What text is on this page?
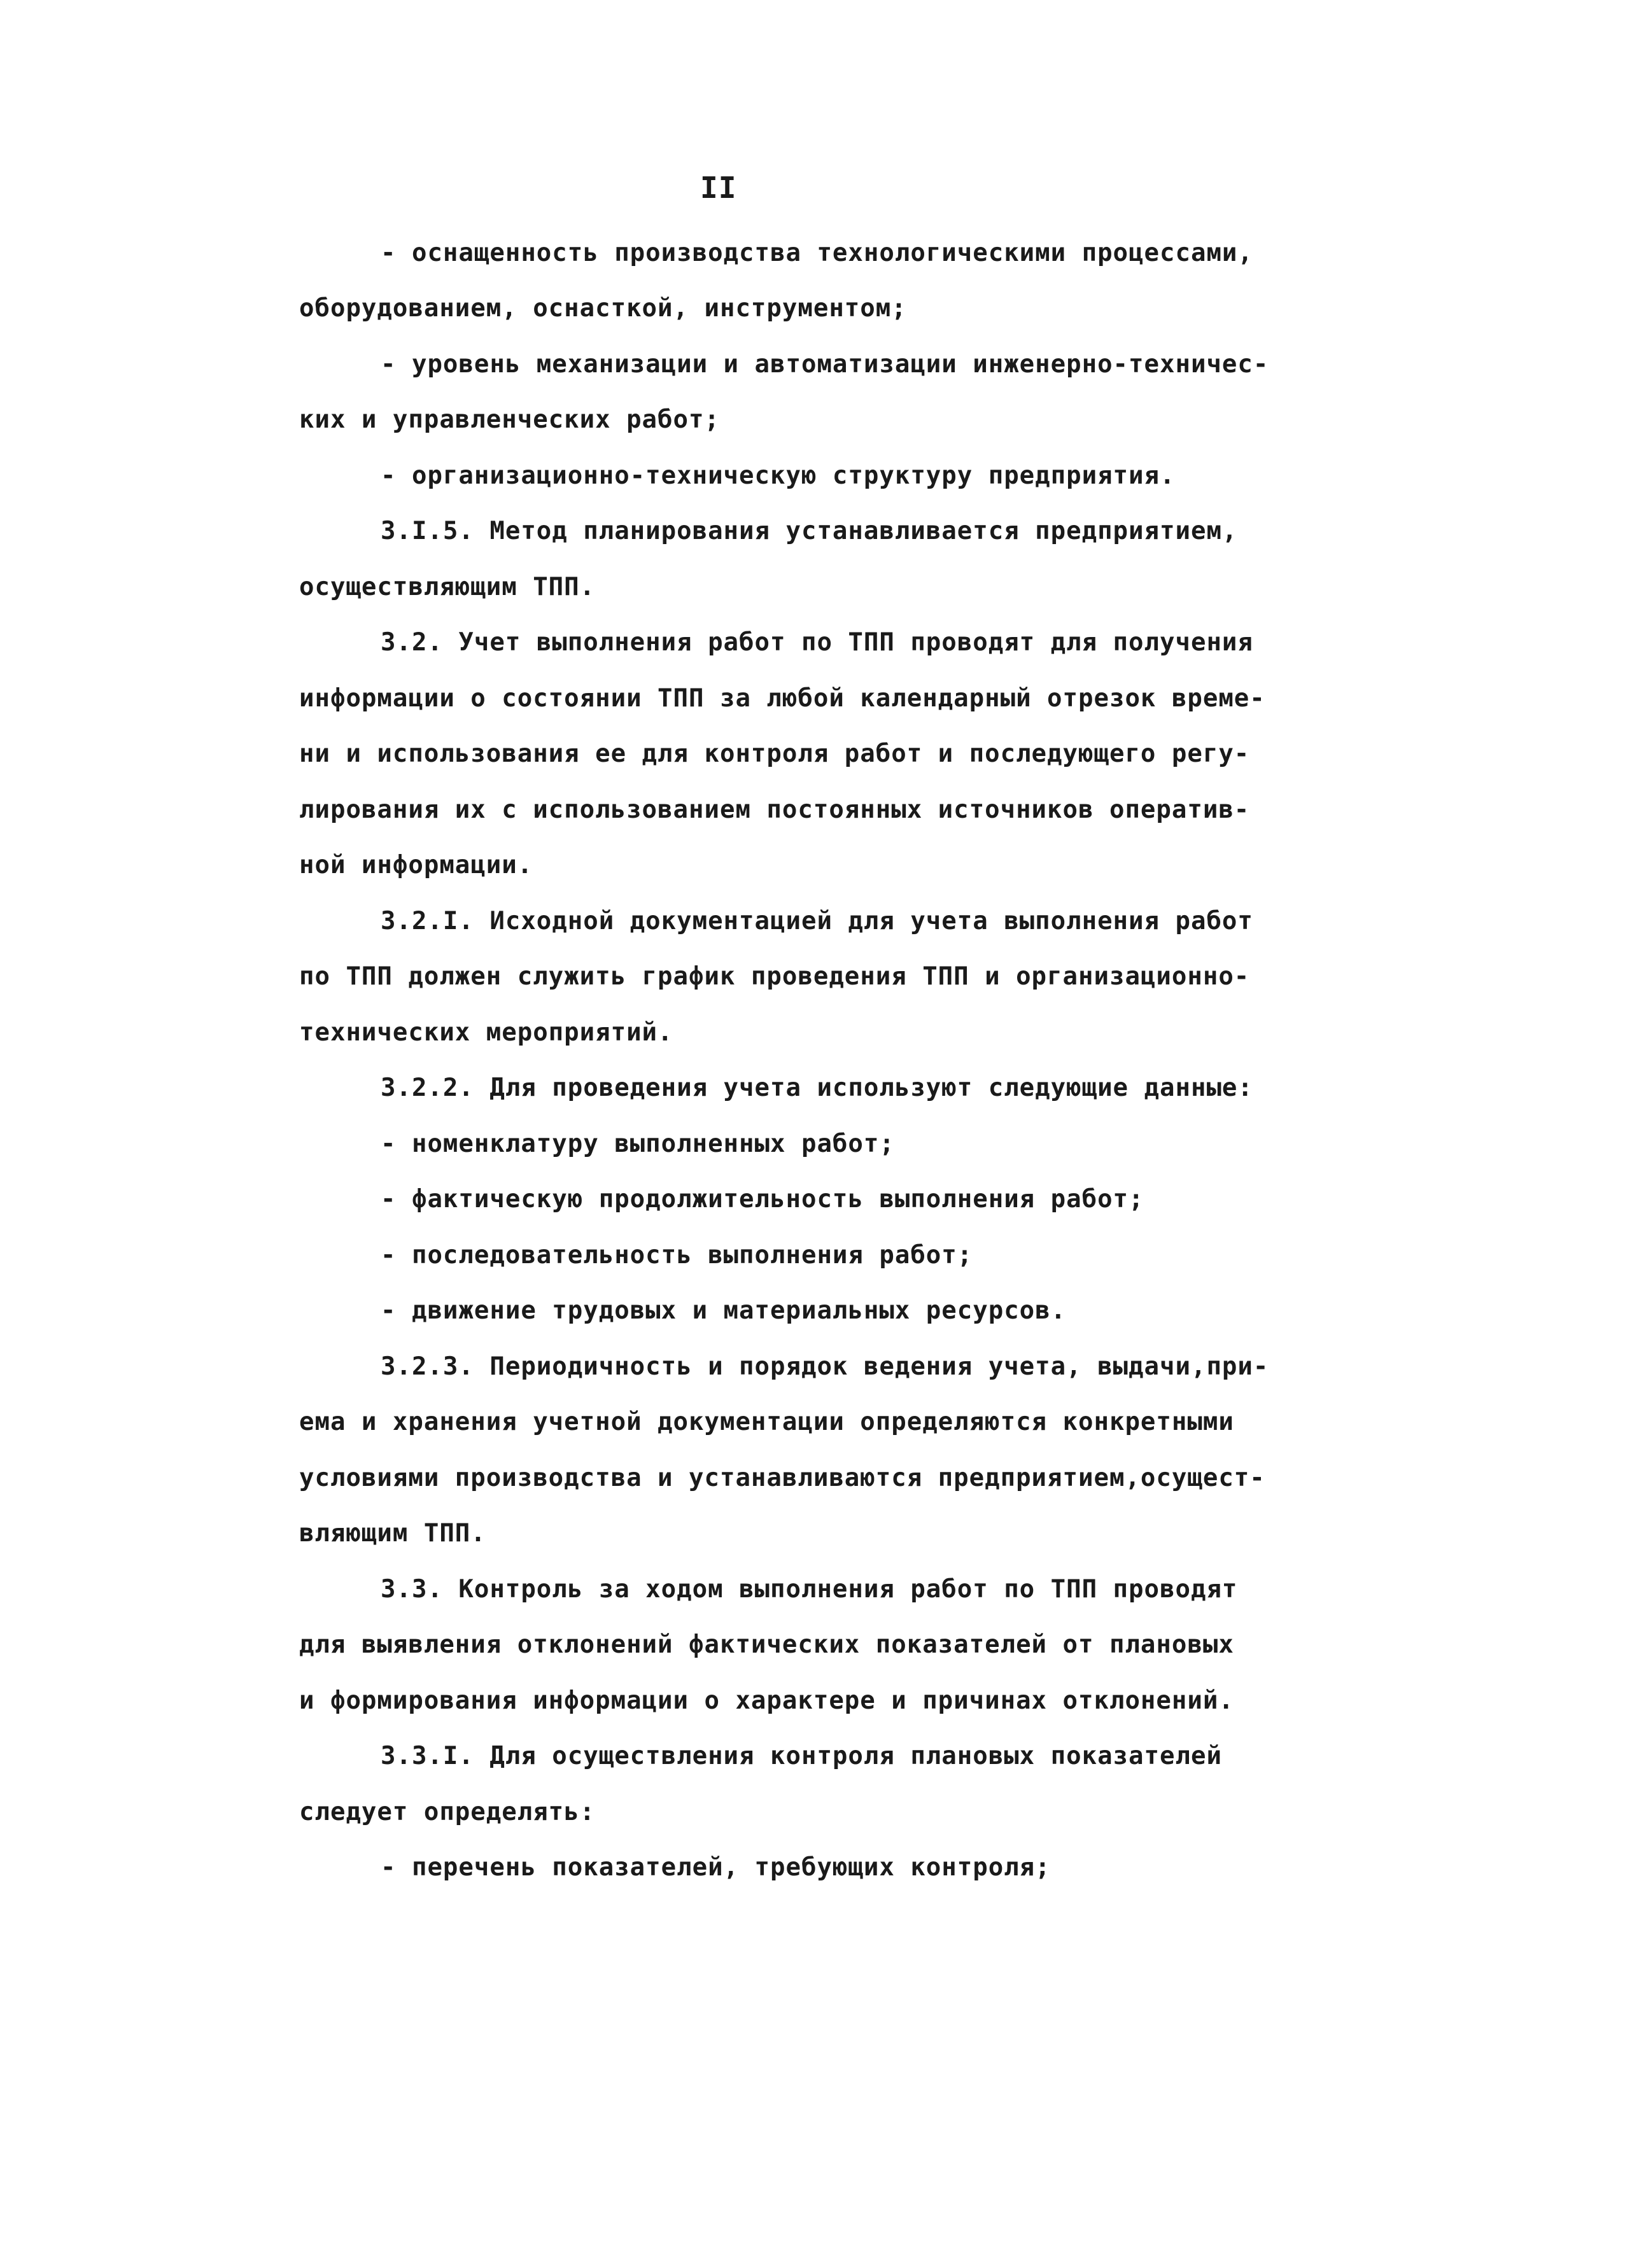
II
- оснащенность производства технологическими процессами,
оборудованием, оснасткой, инструментом;
- уровень механизации и автоматизации инженерно-техничес-
ких и управленческих работ;
- организационно-техническую структуру предприятия.
3.I.5. Метод планирования устанавливается предприятием,
осуществляющим ТПП.
3.2. Учет выполнения работ по ТПП проводят для получения
информации о состоянии ТПП за любой календарный отрезок време-
ни и использования ее для контроля работ и последующего регу-
лирования их с использованием постоянных источников оператив-
ной информации.
3.2.I. Исходной документацией для учета выполнения работ
по ТПП должен служить график проведения ТПП и организационно-
технических мероприятий.
3.2.2. Для проведения учета используют следующие данные:
- номенклатуру выполненных работ;
- фактическую продолжительность выполнения работ;
- последовательность выполнения работ;
- движение трудовых и материальных ресурсов.
3.2.3. Периодичность и порядок ведения учета, выдачи,при-
ема и хранения учетной документации определяются конкретными
условиями производства и устанавливаются предприятием,осущест-
вляющим ТПП.
3.3. Контроль за ходом выполнения работ по ТПП проводят
для выявления отклонений фактических показателей от плановых
и формирования информации о характере и причинах отклонений.
3.3.I. Для осуществления контроля плановых показателей
следует определять:
- перечень показателей, требующих контроля;
